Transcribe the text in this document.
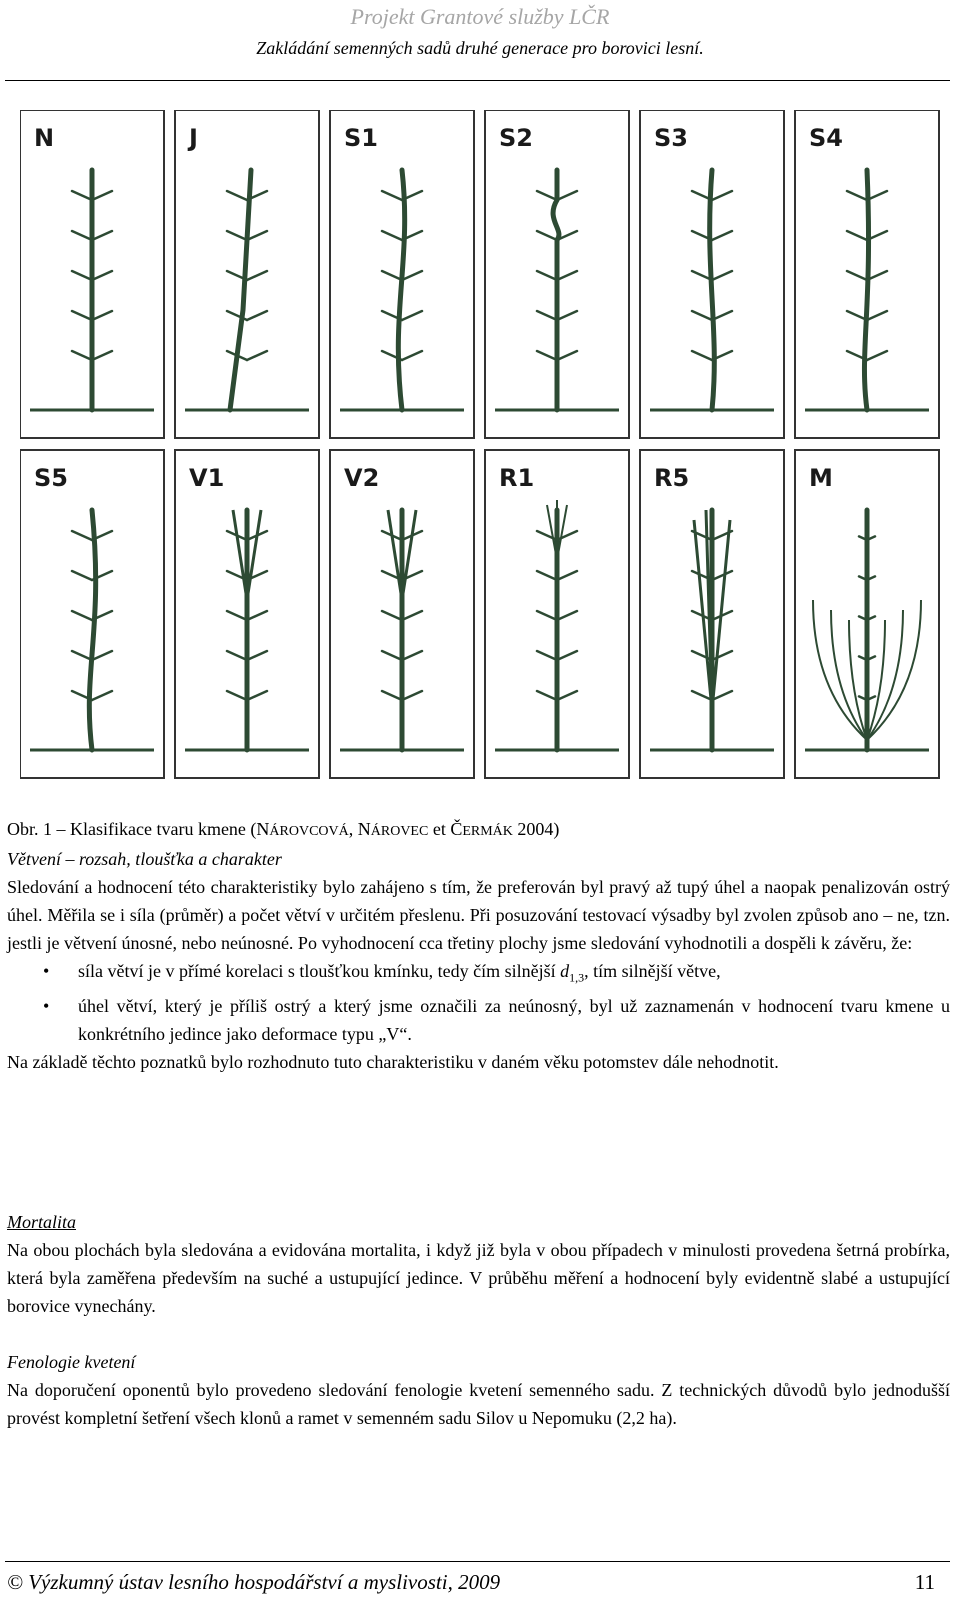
Projekt Grantové služby LČR
Zakládání semenných sadů druhé generace pro borovici lesní.
N	J	S1	S2	S3	S4
S5	V1	V2	R1	R5	M
Obr. 1 – Klasifikace tvaru kmene (NÁROVCOVÁ, NÁROVEC et ČERMÁK 2004)

Větvení – rozsah, tloušťka a charakter

Sledování a hodnocení této charakteristiky bylo zahájeno s tím, že preferován byl pravý až tupý úhel a naopak penalizován ostrý úhel. Měřila se i síla (průměr) a počet větví v určitém přeslenu. Při posuzování testovací výsadby byl zvolen způsob ano – ne, tzn. jestli je větvení únosné, nebo neúnosné. Po vyhodnocení cca třetiny plochy jsme sledování vyhodnotili a dospěli k závěru, že:

• síla větví je v přímé korelaci s tloušťkou kmínku, tedy čím silnější $d_{1,3}$, tím silnější větve,

• úhel větví, který je příliš ostrý a který jsme označili za neúnosný, byl už zaznamenán v hodnocení tvaru kmene u konkrétního jedince jako deformace typu „V“.

Na základě těchto poznatků bylo rozhodnuto tuto charakteristiku v daném věku potomstev dále nehodnotit.

Mortalita

Na obou plochách byla sledována a evidována mortalita, i když již byla v obou případech v minulosti provedena šetrná probírka, která byla zaměřena především na suché a ustupující jedince. V průběhu měření a hodnocení byly evidentně slabé a ustupující borovice vynechány.

Fenologie kvetení

Na doporučení oponentů bylo provedeno sledování fenologie kvetení semenného sadu. Z technických důvodů bylo jednodušší provést kompletní šetření všech klonů a ramet v semenném sadu Silov u Nepomuku (2,2 ha).

© Výzkumný ústav lesního hospodářství a myslivosti, 2009	11
